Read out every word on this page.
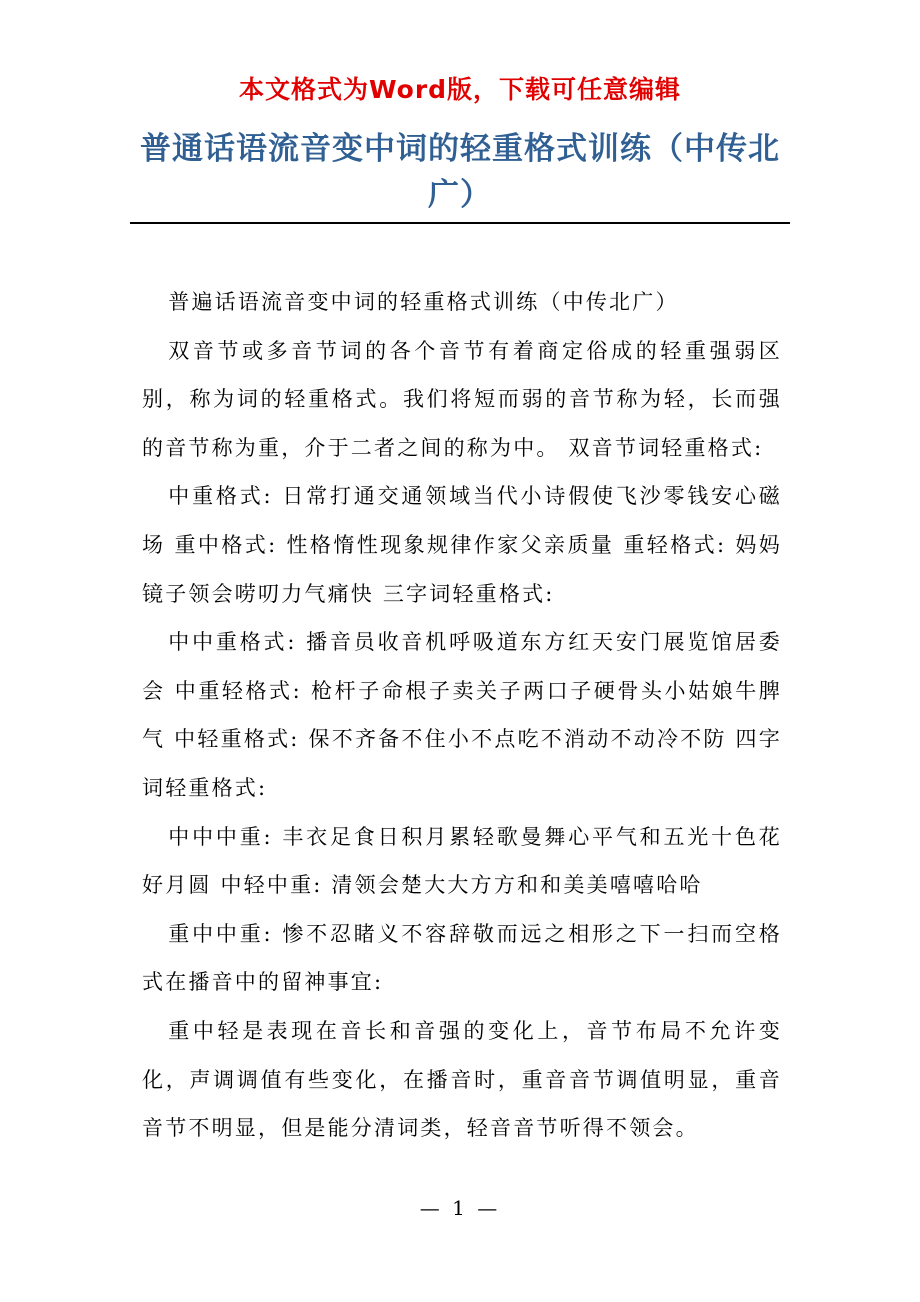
本文格式为Word版，下载可任意编辑
普通话语流音变中词的轻重格式训练（中传北广）

普遍话语流音变中词的轻重格式训练（中传北广）

双音节或多音节词的各个音节有着商定俗成的轻重强弱区别，称为词的轻重格式。我们将短而弱的音节称为轻，长而强的音节称为重，介于二者之间的称为中。 双音节词轻重格式:

中重格式: 日常打通交通领域当代小诗假使飞沙零钱安心磁场 重中格式: 性格惰性现象规律作家父亲质量 重轻格式: 妈妈镜子领会唠叨力气痛快 三字词轻重格式:

中中重格式: 播音员收音机呼吸道东方红天安门展览馆居委会 中重轻格式: 枪杆子命根子卖关子两口子硬骨头小姑娘牛脾气 中轻重格式: 保不齐备不住小不点吃不消动不动冷不防 四字词轻重格式:

中中中重: 丰衣足食日积月累轻歌曼舞心平气和五光十色花好月圆 中轻中重: 清领会楚大大方方和和美美嘻嘻哈哈

重中中重: 惨不忍睹义不容辞敬而远之相形之下一扫而空格式在播音中的留神事宜:

重中轻是表现在音长和音强的变化上，音节布局不允许变化，声调调值有些变化，在播音时，重音音节调值明显，重音音节不明显，但是能分清词类，轻音音节听得不领会。

— 1 —
